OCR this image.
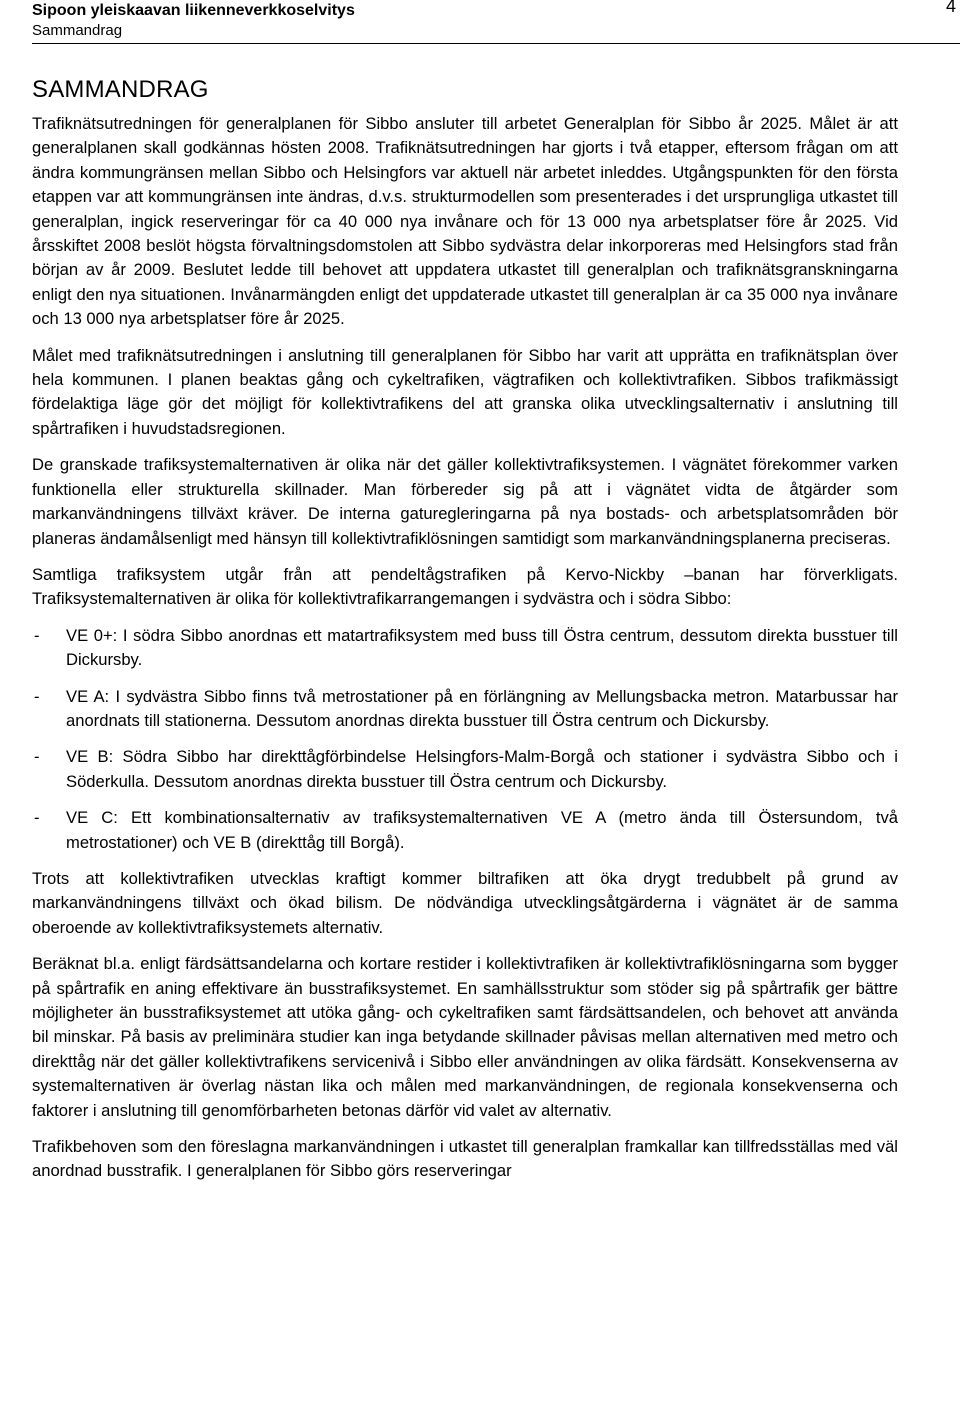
Sipoon yleiskaavan liikenneverkkoselvitys
Sammandrag
4
SAMMANDRAG

Trafiknätsutredningen för generalplanen för Sibbo ansluter till arbetet Generalplan för Sibbo år 2025. Målet är att generalplanen skall godkännas hösten 2008. Trafiknätsutredningen har gjorts i två etapper, eftersom frågan om att ändra kommungränsen mellan Sibbo och Helsingfors var aktuell när arbetet inleddes. Utgångspunkten för den första etappen var att kommungränsen inte ändras, d.v.s. strukturmodellen som presenterades i det ursprungliga utkastet till generalplan, ingick reserveringar för ca 40 000 nya invånare och för 13 000 nya arbetsplatser före år 2025. Vid årsskiftet 2008 beslöt högsta förvaltningsdomstolen att Sibbo sydvästra delar inkorporeras med Helsingfors stad från början av år 2009. Beslutet ledde till behovet att uppdatera utkastet till generalplan och trafiknätsgranskningarna enligt den nya situationen. Invånarmängden enligt det uppdaterade utkastet till generalplan är ca 35 000 nya invånare och 13 000 nya arbetsplatser före år 2025.

Målet med trafiknätsutredningen i anslutning till generalplanen för Sibbo har varit att upprätta en trafiknätsplan över hela kommunen. I planen beaktas gång och cykeltrafiken, vägtrafiken och kollektivtrafiken. Sibbos trafikmässigt fördelaktiga läge gör det möjligt för kollektivtrafikens del att granska olika utvecklingsalternativ i anslutning till spårtrafiken i huvudstadsregionen.

De granskade trafiksystemalternativen är olika när det gäller kollektivtrafiksystemen. I vägnätet förekommer varken funktionella eller strukturella skillnader. Man förbereder sig på att i vägnätet vidta de åtgärder som markanvändningens tillväxt kräver. De interna gaturegleringarna på nya bostads- och arbetsplatsområden bör planeras ändamålsenligt med hänsyn till kollektivtrafiklösningen samtidigt som markanvändningsplanerna preciseras.

Samtliga trafiksystem utgår från att pendeltågstrafiken på Kervo-Nickby –banan har förverkligats. Trafiksystemalternativen är olika för kollektivtrafikarrangemangen i sydvästra och i södra Sibbo:

- VE 0+: I södra Sibbo anordnas ett matartrafiksystem med buss till Östra centrum, dessutom direkta busstuer till Dickursby.
- VE A: I sydvästra Sibbo finns två metrostationer på en förlängning av Mellungsbacka metron. Matarbussar har anordnats till stationerna. Dessutom anordnas direkta busstuer till Östra centrum och Dickursby.
- VE B: Södra Sibbo har direkttågförbindelse Helsingfors-Malm-Borgå och stationer i sydvästra Sibbo och i Söderkulla. Dessutom anordnas direkta busstuer till Östra centrum och Dickursby.
- VE C: Ett kombinationsalternativ av trafiksystemalternativen VE A (metro ända till Östersundom, två metrostationer) och VE B (direkttåg till Borgå).

Trots att kollektivtrafiken utvecklas kraftigt kommer biltrafiken att öka drygt tredubbelt på grund av markanvändningens tillväxt och ökad bilism. De nödvändiga utvecklingsåtgärderna i vägnätet är de samma oberoende av kollektivtrafiksystemets alternativ.

Beräknat bl.a. enligt färdsättsandelarna och kortare restider i kollektivtrafiken är kollektivtrafiklösningarna som bygger på spårtrafik en aning effektivare än busstrafiksystemet. En samhällsstruktur som stöder sig på spårtrafik ger bättre möjligheter än busstrafiksystemet att utöka gång- och cykeltrafiken samt färdsättsandelen, och behovet att använda bil minskar. På basis av preliminära studier kan inga betydande skillnader påvisas mellan alternativen med metro och direkttåg när det gäller kollektivtrafikens servicenivå i Sibbo eller användningen av olika färdsätt. Konsekvenserna av systemalternativen är överlag nästan lika och målen med markanvändningen, de regionala konsekvenserna och faktorer i anslutning till genomförbarheten betonas därför vid valet av alternativ.

Trafikbehoven som den föreslagna markanvändningen i utkastet till generalplan framkallar kan tillfredsställas med väl anordnad busstrafik. I generalplanen för Sibbo görs reserveringar
